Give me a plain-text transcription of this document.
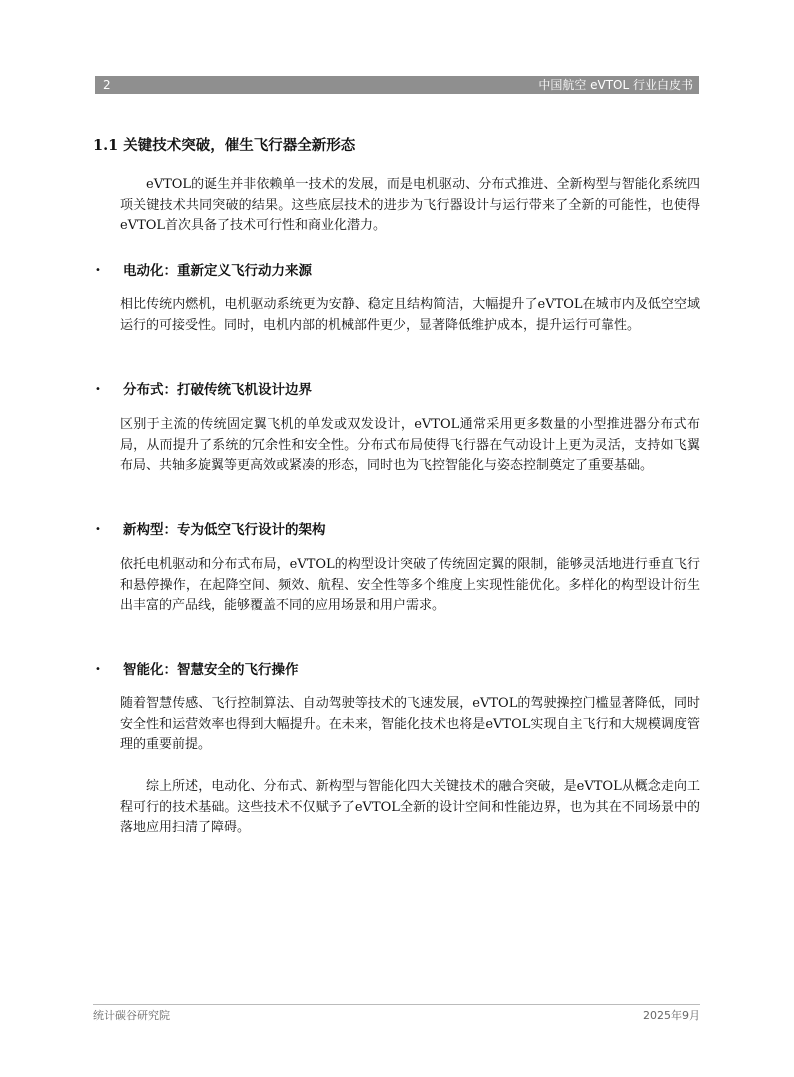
2	中国航空 eVTOL 行业白皮书
1.1 关键技术突破，催生飞行器全新形态

eVTOL的诞生并非依赖单一技术的发展，而是电机驱动、分布式推进、全新构型与智能化系统四项关键技术共同突破的结果。这些底层技术的进步为飞行器设计与运行带来了全新的可能性，也使得eVTOL首次具备了技术可行性和商业化潜力。

• 电动化：重新定义飞行动力来源

相比传统内燃机，电机驱动系统更为安静、稳定且结构简洁，大幅提升了eVTOL在城市内及低空空域运行的可接受性。同时，电机内部的机械部件更少，显著降低维护成本，提升运行可靠性。

• 分布式：打破传统飞机设计边界

区别于主流的传统固定翼飞机的单发或双发设计，eVTOL通常采用更多数量的小型推进器分布式布局，从而提升了系统的冗余性和安全性。分布式布局使得飞行器在气动设计上更为灵活，支持如飞翼布局、共轴多旋翼等更高效或紧凑的形态，同时也为飞控智能化与姿态控制奠定了重要基础。

• 新构型：专为低空飞行设计的架构

依托电机驱动和分布式布局，eVTOL的构型设计突破了传统固定翼的限制，能够灵活地进行垂直飞行和悬停操作，在起降空间、频效、航程、安全性等多个维度上实现性能优化。多样化的构型设计衍生出丰富的产品线，能够覆盖不同的应用场景和用户需求。

• 智能化：智慧安全的飞行操作

随着智慧传感、飞行控制算法、自动驾驶等技术的飞速发展，eVTOL的驾驶操控门槛显著降低，同时安全性和运营效率也得到大幅提升。在未来，智能化技术也将是eVTOL实现自主飞行和大规模调度管理的重要前提。

综上所述，电动化、分布式、新构型与智能化四大关键技术的融合突破，是eVTOL从概念走向工程可行的技术基础。这些技术不仅赋予了eVTOL全新的设计空间和性能边界，也为其在不同场景中的落地应用扫清了障碍。

统计碳谷研究院	2025年9月
